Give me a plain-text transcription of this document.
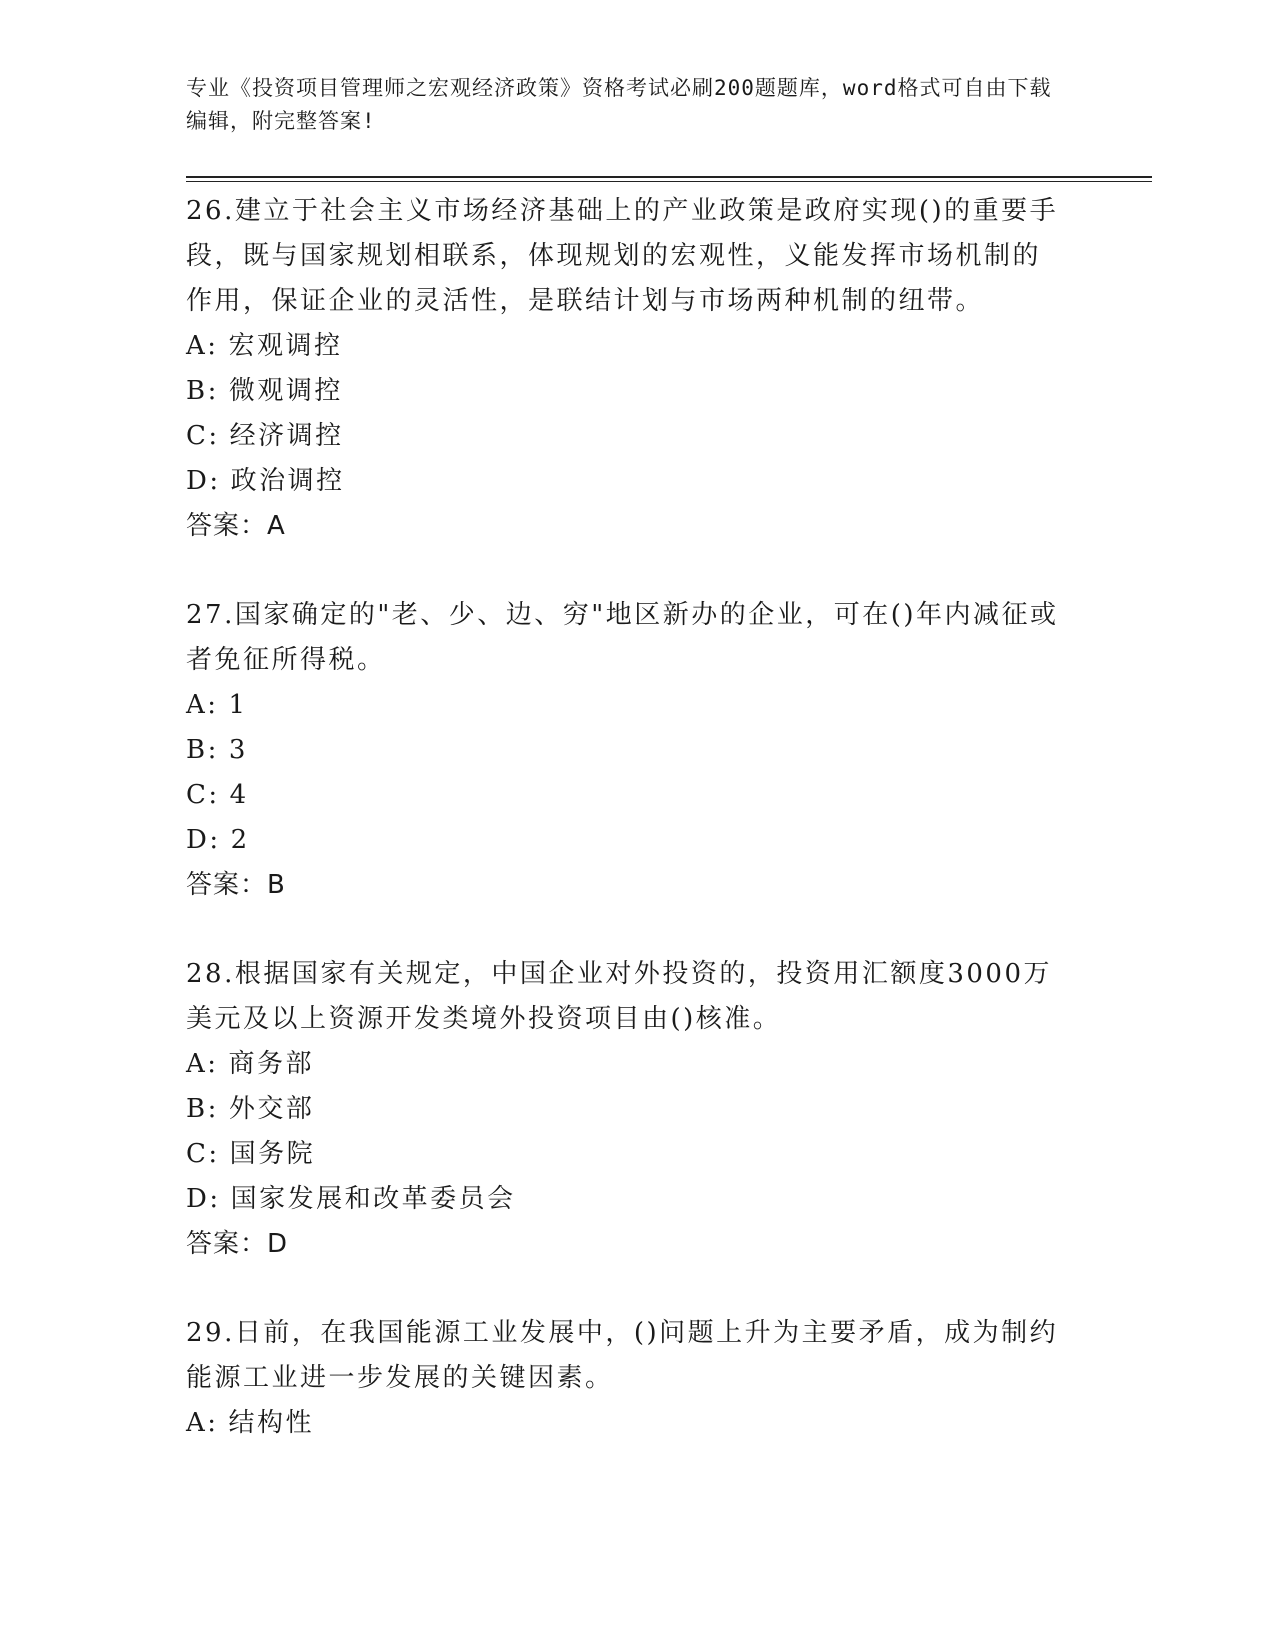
专业《投资项目管理师之宏观经济政策》资格考试必刷200题题库，word格式可自由下载编辑，附完整答案!

26.建立于社会主义市场经济基础上的产业政策是政府实现()的重要手段，既与国家规划相联系，体现规划的宏观性，义能发挥市场机制的作用，保证企业的灵活性，是联结计划与市场两种机制的纽带。

A: 宏观调控

B: 微观调控

C: 经济调控

D: 政治调控

答案：A

27.国家确定的"老、少、边、穷"地区新办的企业，可在()年内减征或者免征所得税。

A: 1

B: 3

C: 4

D: 2

答案：B

28.根据国家有关规定，中国企业对外投资的，投资用汇额度3000万美元及以上资源开发类境外投资项目由()核准。

A: 商务部

B: 外交部

C: 国务院

D: 国家发展和改革委员会

答案：D

29.日前，在我国能源工业发展中，()问题上升为主要矛盾，成为制约能源工业进一步发展的关键因素。

A: 结构性
